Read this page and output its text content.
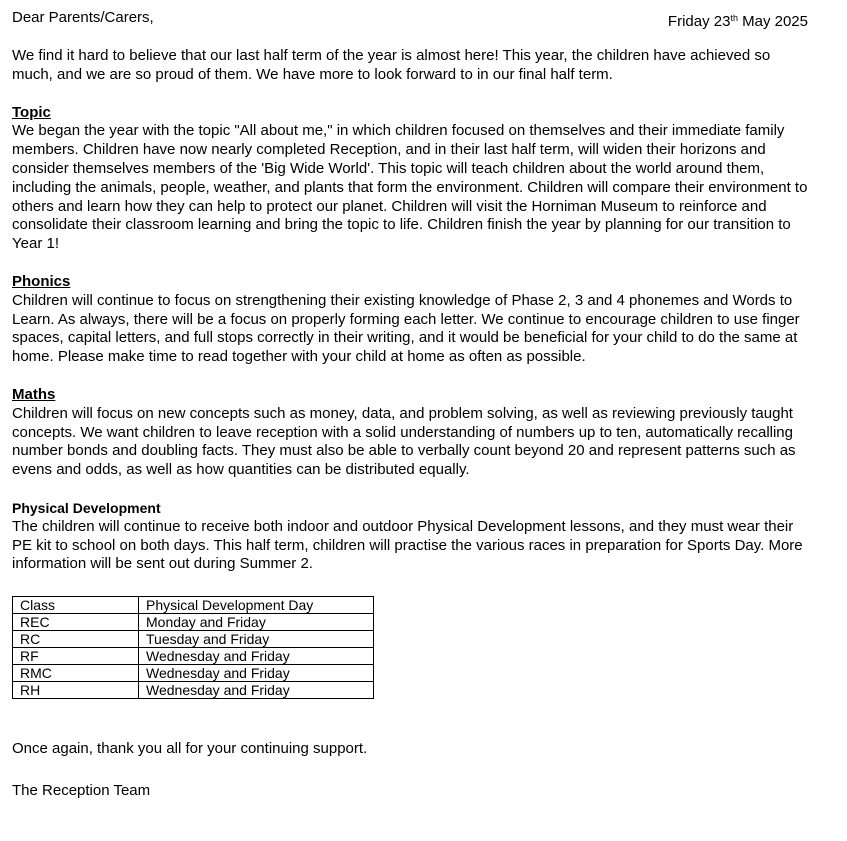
Dear Parents/Carers,	Friday 23th May 2025

We find it hard to believe that our last half term of the year is almost here! This year, the children have achieved so much, and we are so proud of them. We have more to look forward to in our final half term.

Topic

We began the year with the topic "All about me," in which children focused on themselves and their immediate family members. Children have now nearly completed Reception, and in their last half term, will widen their horizons and consider themselves members of the 'Big Wide World'. This topic will teach children about the world around them, including the animals, people, weather, and plants that form the environment. Children will compare their environment to others and learn how they can help to protect our planet. Children will visit the Horniman Museum to reinforce and consolidate their classroom learning and bring the topic to life. Children finish the year by planning for our transition to Year 1!

Phonics

Children will continue to focus on strengthening their existing knowledge of Phase 2, 3 and 4 phonemes and Words to Learn. As always, there will be a focus on properly forming each letter. We continue to encourage children to use finger spaces, capital letters, and full stops correctly in their writing, and it would be beneficial for your child to do the same at home. Please make time to read together with your child at home as often as possible.

Maths

Children will focus on new concepts such as money, data, and problem solving, as well as reviewing previously taught concepts. We want children to leave reception with a solid understanding of numbers up to ten, automatically recalling number bonds and doubling facts. They must also be able to verbally count beyond 20 and represent patterns such as evens and odds, as well as how quantities can be distributed equally.

Physical Development

The children will continue to receive both indoor and outdoor Physical Development lessons, and they must wear their PE kit to school on both days. This half term, children will practise the various races in preparation for Sports Day. More information will be sent out during Summer 2.

Class	Physical Development Day
REC	Monday and Friday
RC	Tuesday and Friday
RF	Wednesday and Friday
RMC	Wednesday and Friday
RH	Wednesday and Friday

Once again, thank you all for your continuing support.

The Reception Team
